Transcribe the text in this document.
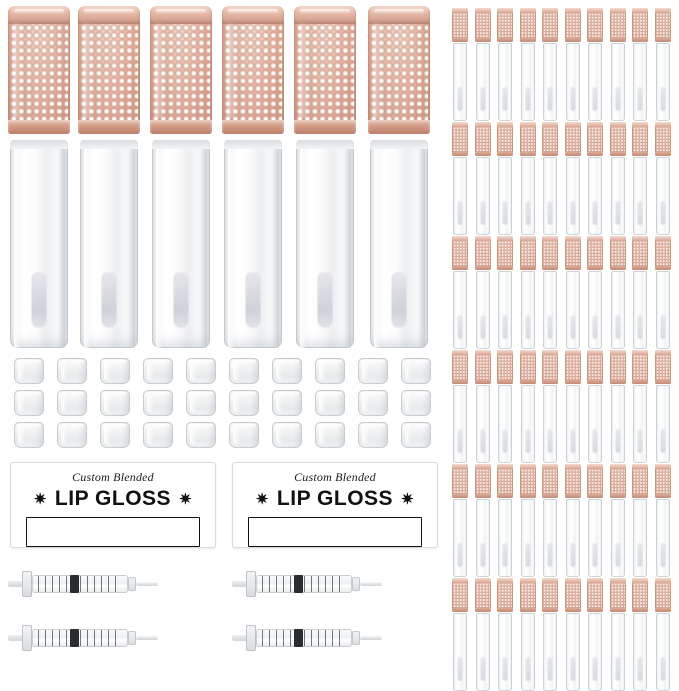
Custom Blended
✷ LIP GLOSS ✷
Custom Blended
✷ LIP GLOSS ✷
